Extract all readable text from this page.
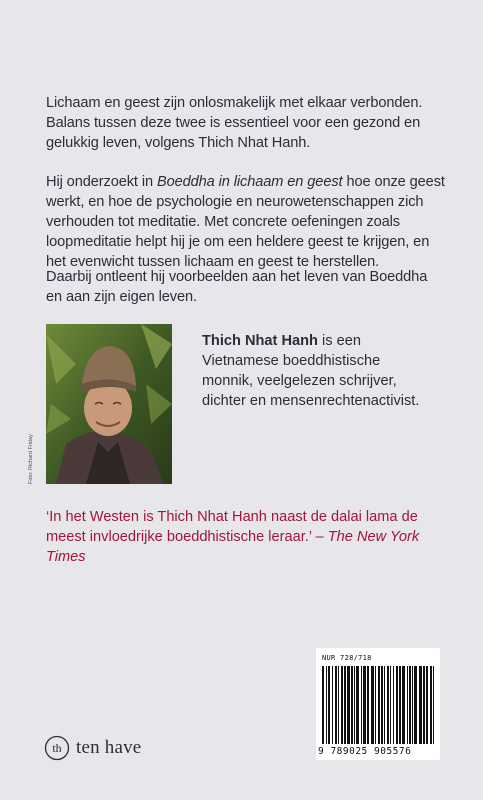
Lichaam en geest zijn onlosmakelijk met elkaar verbonden. Balans tussen deze twee is essentieel voor een gezond en gelukkig leven, volgens Thich Nhat Hanh.

Hij onderzoekt in Boeddha in lichaam en geest hoe onze geest werkt, en hoe de psychologie en neurowetenschappen zich verhouden tot meditatie. Met concrete oefeningen zoals loopmeditatie helpt hij je om een heldere geest te krijgen, en het evenwicht tussen lichaam en geest te herstellen.

Daarbij ontleent hij voorbeelden aan het leven van Boeddha en aan zijn eigen leven.

Foto: Richard Friday

Thich Nhat Hanh is een Vietnamese boeddhistische monnik, veelgelezen schrijver, dichter en mensenrechtenactivist.

‘In het Westen is Thich Nhat Hanh naast de dalai lama de meest invloedrijke boeddhistische leraar.’ – The New York Times

th ten have
NUR 728/718
9 789025 905576
